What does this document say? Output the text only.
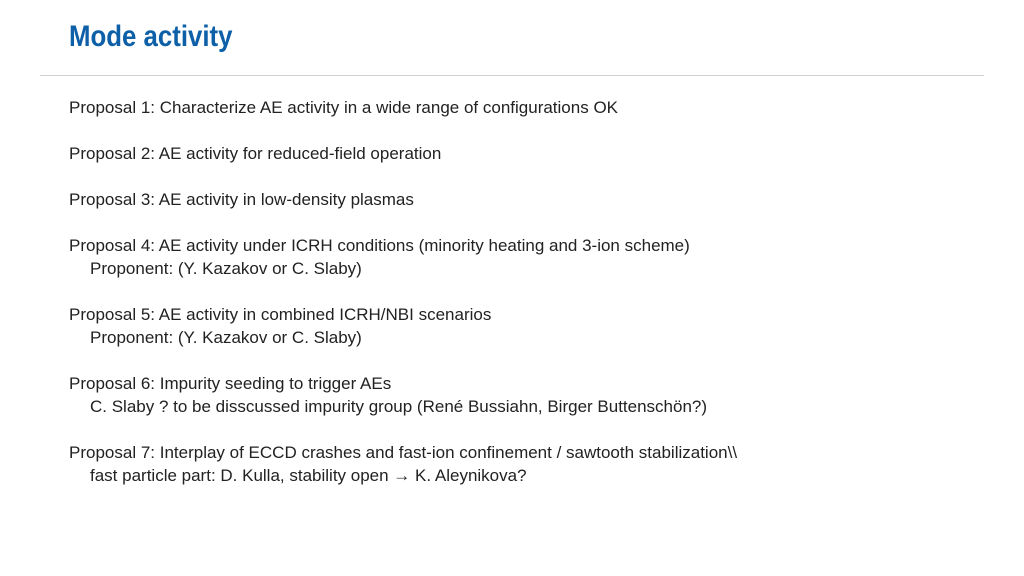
Mode activity
Proposal 1: Characterize AE activity in a wide range of configurations OK
Proposal 2: AE activity for reduced-field operation
Proposal 3: AE activity in low-density plasmas
Proposal 4: AE activity under ICRH conditions (minority heating and 3-ion scheme)
Proponent: (Y. Kazakov or C. Slaby)
Proposal 5: AE activity in combined ICRH/NBI scenarios
Proponent: (Y. Kazakov or C. Slaby)
Proposal 6: Impurity seeding to trigger AEs
C. Slaby ? to be disscussed impurity group (René Bussiahn, Birger Buttenschön?)
Proposal 7: Interplay of ECCD crashes and fast-ion confinement / sawtooth stabilization\\
fast particle part: D. Kulla, stability open → K. Aleynikova?
